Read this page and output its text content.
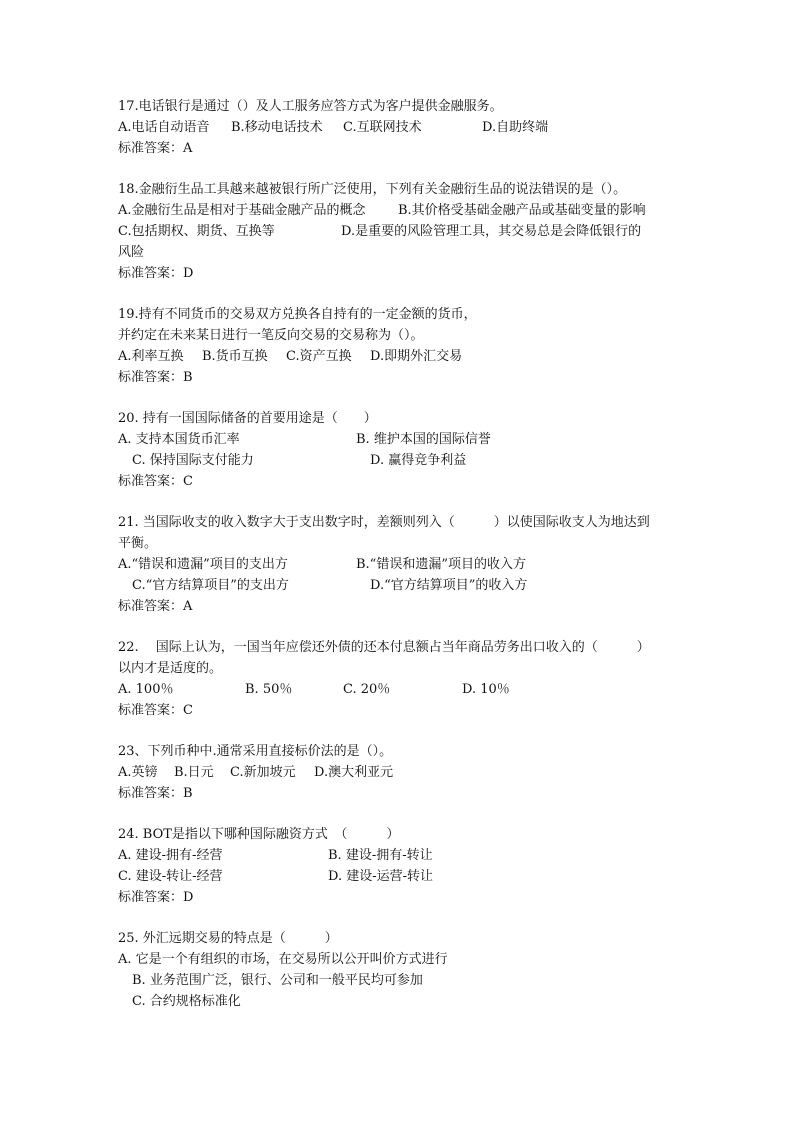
17.电话银行是通过（）及人工服务应答方式为客户提供金融服务。
A.电话自动语音 B.移动电话技术 C.互联网技术	D.自助终端
标准答案：A
18.金融衍生品工具越来越被银行所广泛使用，下列有关金融衍生品的说法错误的是（）。
A.金融衍生品是相对于基础金融产品的概念 B.其价格受基础金融产品或基础变量的影响
C.包括期权、期货、互换等	D.是重要的风险管理工具，其交易总是会降低银行的
风险
标准答案：D
19.持有不同货币的交易双方兑换各自持有的一定金额的货币，
并约定在未来某日进行一笔反向交易的交易称为（）。
A.利率互换 B.货币互换 C.资产互换 D.即期外汇交易
标准答案：B
20. 持有一国国际储备的首要用途是（　　）
A. 支持本国货币汇率	B. 维护本国的国际信誉
C. 保持国际支付能力	D. 赢得竞争利益
标准答案：C
21. 当国际收支的收入数字大于支出数字时，差额则列入（　　　）以使国际收支人为地达到
平衡。
A.“错误和遗漏”项目的支出方	B.“错误和遗漏”项目的收入方
C.“官方结算项目”的支出方	D.“官方结算项目”的收入方
标准答案：A
22.　 国际上认为，一国当年应偿还外债的还本付息额占当年商品劳务出口收入的（　　　）
以内才是适度的。
A. 100％	B. 50％	C. 20％	D. 10％
标准答案：C
23、下列币种中.通常采用直接标价法的是（）。
A.英镑 B.日元 C.新加坡元 D.澳大利亚元
标准答案：B
24. BOT是指以下哪种国际融资方式　（　　　）
A. 建设-拥有-经营	B. 建设-拥有-转让
C. 建设-转让-经营	D. 建设-运营-转让
标准答案：D
25. 外汇远期交易的特点是（　　　）
A. 它是一个有组织的市场，在交易所以公开叫价方式进行
B. 业务范围广泛，银行、公司和一般平民均可参加
C. 合约规格标准化
